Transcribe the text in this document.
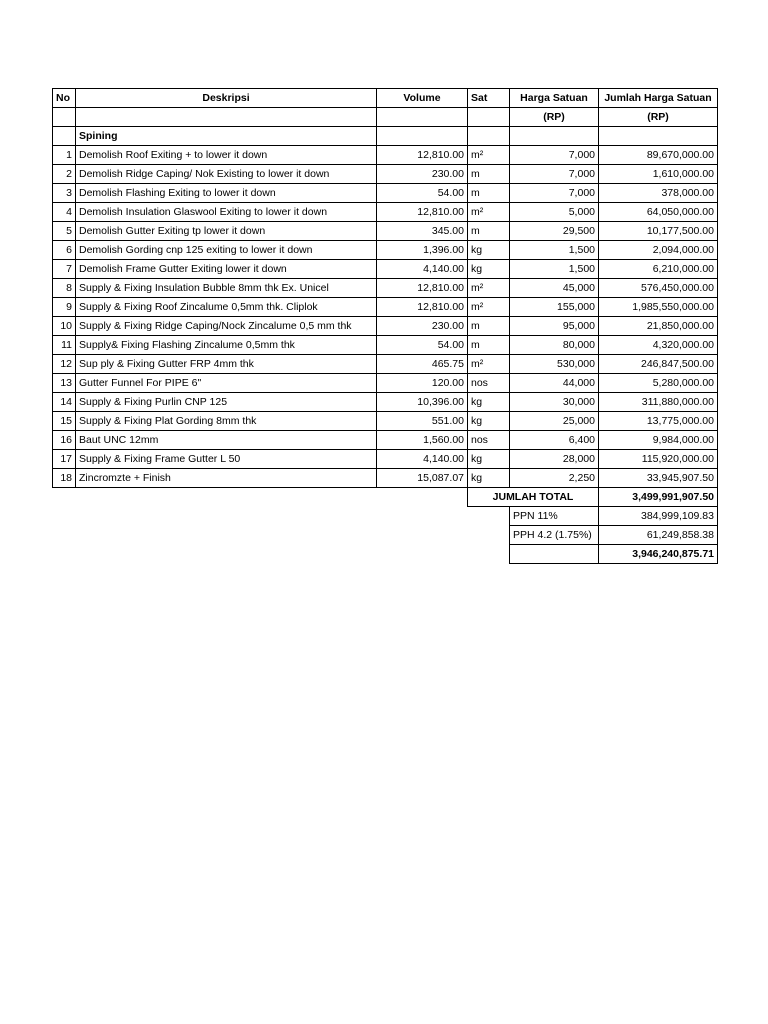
No	Deskripsi	Volume	Sat	Harga Satuan	Jumlah Harga Satuan
				(RP)	(RP)
	Spining				
1	Demolish Roof Exiting + to lower it down	12,810.00	m²	7,000	89,670,000.00
2	Demolish Ridge Caping/ Nok Existing to lower it down	230.00	m	7,000	1,610,000.00
3	Demolish Flashing Exiting to lower it down	54.00	m	7,000	378,000.00
4	Demolish Insulation Glaswool Exiting to lower it down	12,810.00	m²	5,000	64,050,000.00
5	Demolish Gutter Exiting tp lower it down	345.00	m	29,500	10,177,500.00
6	Demolish Gording cnp 125 exiting to lower it down	1,396.00	kg	1,500	2,094,000.00
7	Demolish Frame Gutter Exiting lower it down	4,140.00	kg	1,500	6,210,000.00
8	Supply & Fixing Insulation Bubble 8mm thk Ex. Unicel	12,810.00	m²	45,000	576,450,000.00
9	Supply & Fixing Roof Zincalume 0,5mm thk. Cliplok	12,810.00	m²	155,000	1,985,550,000.00
10	Supply & Fixing Ridge Caping/Nock Zincalume 0,5 mm thk	230.00	m	95,000	21,850,000.00
11	Supply& Fixing Flashing Zincalume 0,5mm thk	54.00	m	80,000	4,320,000.00
12	Sup ply & Fixing Gutter FRP 4mm thk	465.75	m²	530,000	246,847,500.00
13	Gutter Funnel For PIPE 6"	120.00	nos	44,000	5,280,000.00
14	Supply & Fixing Purlin CNP 125	10,396.00	kg	30,000	311,880,000.00
15	Supply & Fixing Plat Gording 8mm thk	551.00	kg	25,000	13,775,000.00
16	Baut UNC 12mm	1,560.00	nos	6,400	9,984,000.00
17	Supply & Fixing Frame Gutter L 50	4,140.00	kg	28,000	115,920,000.00
18	Zincromzte + Finish	15,087.07	kg	2,250	33,945,907.50
			JUMLAH TOTAL		3,499,991,907.50
				PPN 11%	384,999,109.83
				PPH 4.2 (1.75%)	61,249,858.38
					3,946,240,875.71
